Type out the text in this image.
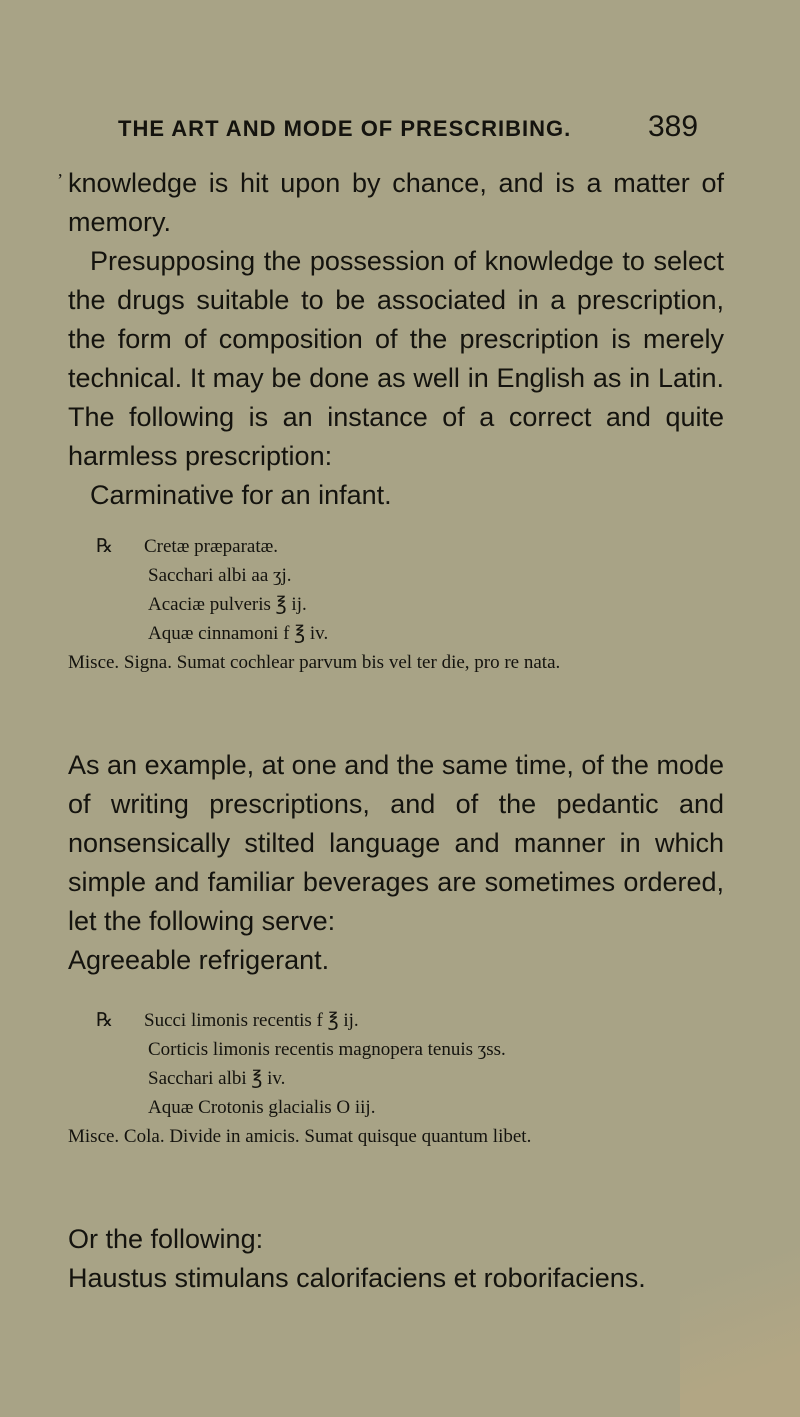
THE ART AND MODE OF PRESCRIBING.	389
, knowledge is hit upon by chance, and is a matter of memory.

Presupposing the possession of knowledge to select the drugs suitable to be associated in a prescription, the form of composition of the prescription is merely technical. It may be done as well in English as in Latin. The following is an instance of a correct and quite harmless prescription:

Carminative for an infant.
℞ Cretæ præparatæ.
Sacchari albi aa ʒj.
Acaciæ pulveris ℥ ij.
Aquæ cinnamoni f ℥ iv.
Misce. Signa. Sumat cochlear parvum bis vel ter die, pro re nata.

As an example, at one and the same time, of the mode of writing prescriptions, and of the pedantic and nonsensically stilted language and manner in which simple and familiar beverages are sometimes ordered, let the following serve:

Agreeable refrigerant.
℞ Succi limonis recentis f ℥ ij.
Corticis limonis recentis magnopera tenuis ʒss.
Sacchari albi ℥ iv.
Aquæ Crotonis glacialis O iij.
Misce. Cola. Divide in amicis. Sumat quisque quantum libet.
Or the following:
Haustus stimulans calorifaciens et roborifaciens.
